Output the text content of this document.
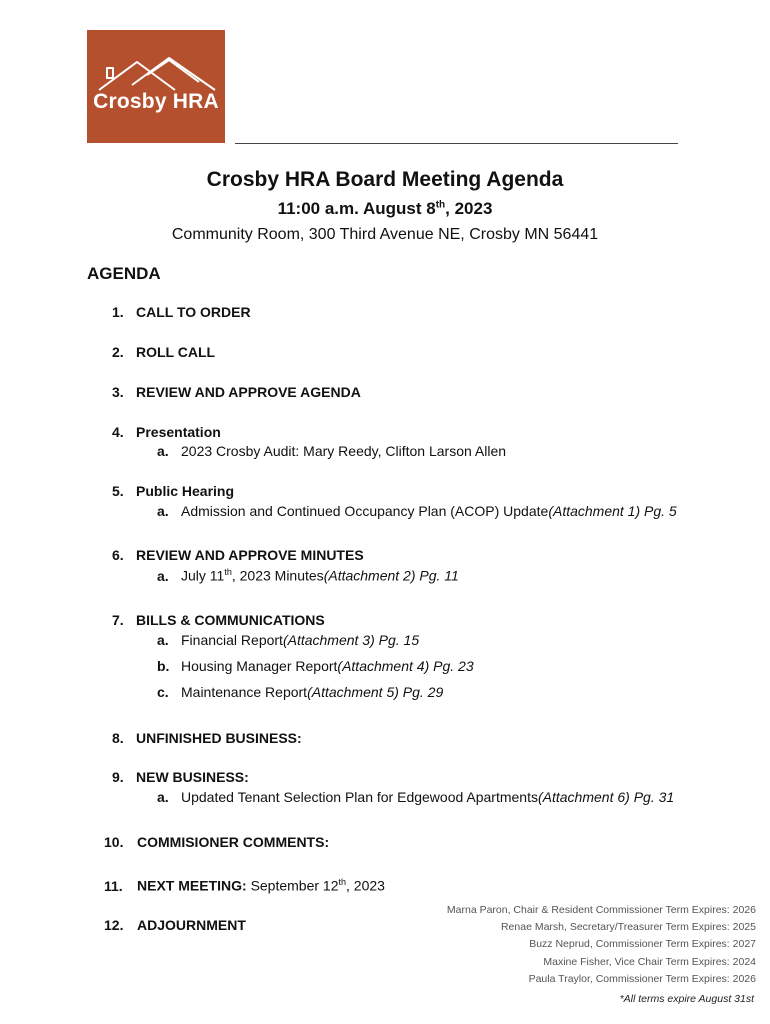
Crosby HRA
Crosby HRA Board Meeting Agenda
11:00 a.m. August 8th, 2023
Community Room, 300 Third Avenue NE, Crosby MN 56441
AGENDA
1. CALL TO ORDER
2. ROLL CALL
3. REVIEW AND APPROVE AGENDA
4. Presentation
a. 2023 Crosby Audit: Mary Reedy, Clifton Larson Allen
5. Public Hearing
a. Admission and Continued Occupancy Plan (ACOP) Update(Attachment 1) Pg. 5
6. REVIEW AND APPROVE MINUTES
a. July 11th, 2023 Minutes(Attachment 2) Pg. 11
7. BILLS & COMMUNICATIONS
a. Financial Report(Attachment 3) Pg. 15
b. Housing Manager Report(Attachment 4) Pg. 23
c. Maintenance Report(Attachment 5) Pg. 29
8. UNFINISHED BUSINESS:
9. NEW BUSINESS:
a. Updated Tenant Selection Plan for Edgewood Apartments(Attachment 6) Pg. 31
10. COMMISIONER COMMENTS:
11. NEXT MEETING: September 12th, 2023
12. ADJOURNMENT
Marna Paron, Chair & Resident Commissioner Term Expires: 2026
Renae Marsh, Secretary/Treasurer Term Expires: 2025
Buzz Neprud, Commissioner Term Expires: 2027
Maxine Fisher, Vice Chair Term Expires: 2024
Paula Traylor, Commissioner Term Expires: 2026
*All terms expire August 31st
